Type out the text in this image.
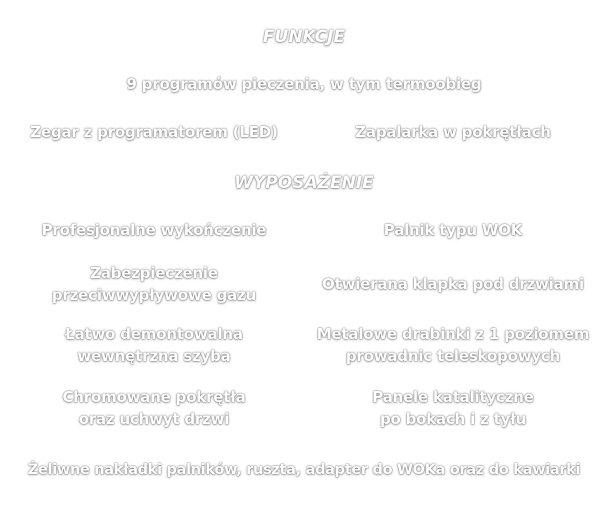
FUNKCJE
9 programów pieczenia, w tym termoobieg
Zegar z programatorem (LED)	Zapalarka w pokrętłach
WYPOSAŻENIE
Profesjonalne wykończenie	Palnik typu WOK
Zabezpieczenie
przeciwwypływowe gazu
Otwierana klapka pod drzwiami
Łatwo demontowalna
wewnętrzna szyba
Metalowe drabinki z 1 poziomem
prowadnic teleskopowych
Chromowane pokrętła
oraz uchwyt drzwi
Panele katalityczne
po bokach i z tyłu
Żeliwne nakładki palników, ruszta, adapter do WOKa oraz do kawiarki
